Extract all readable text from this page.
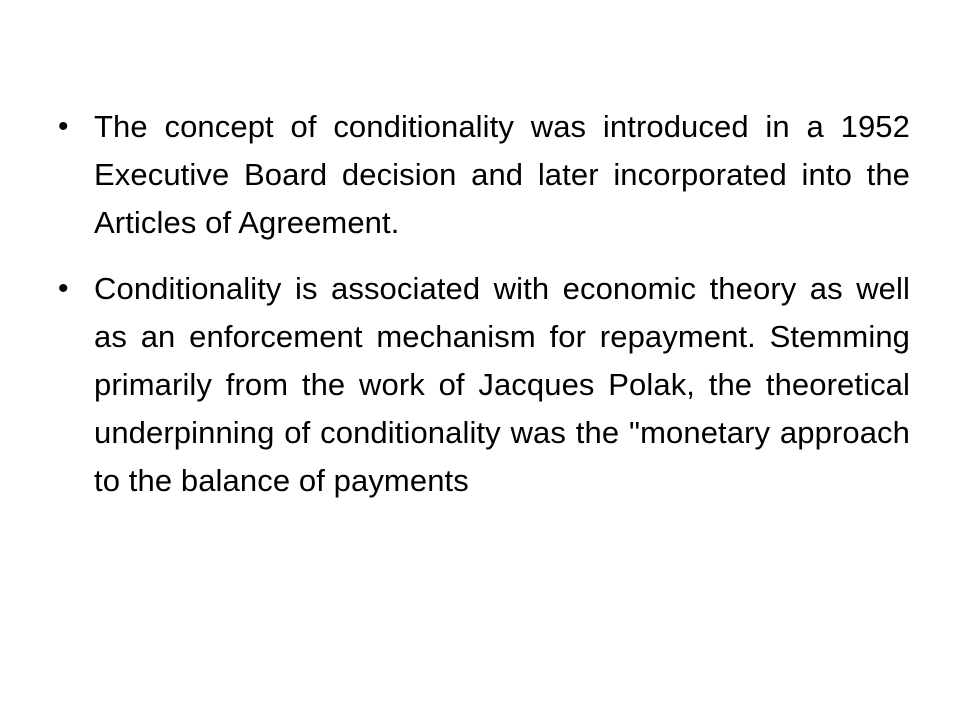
• The concept of conditionality was introduced in a 1952 Executive Board decision and later incorporated into the Articles of Agreement.
• Conditionality is associated with economic theory as well as an enforcement mechanism for repayment. Stemming primarily from the work of Jacques Polak, the theoretical underpinning of conditionality was the "monetary approach to the balance of payments
